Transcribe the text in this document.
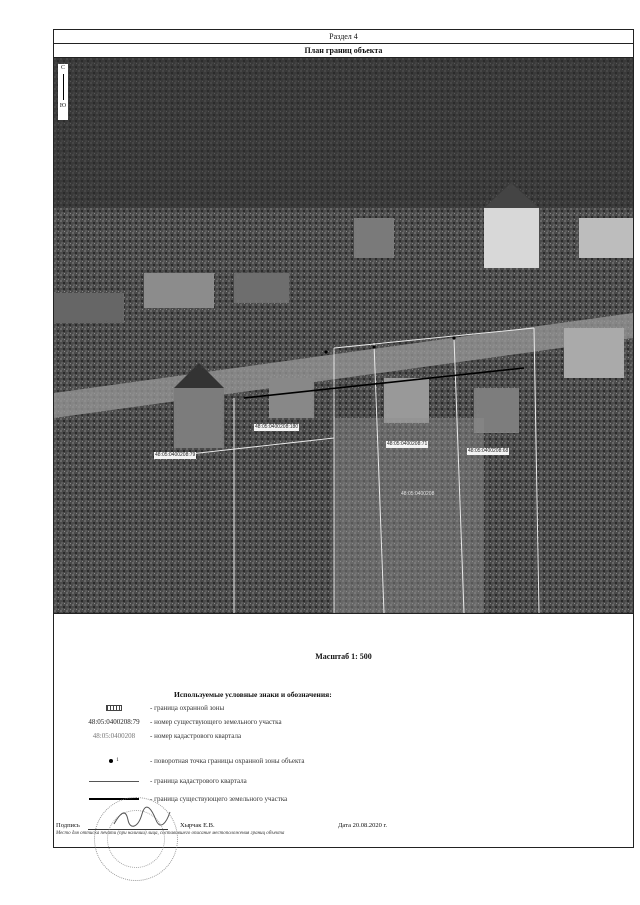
Раздел 4
План границ объекта
С
Ю
48:05:0400208:79
48:05:0400208:180
48:05:0400208:71
48:05:0400208:68
48:05:0400208
Масштаб 1: 500
Используемые условные знаки и обозначения:
- граница охранной зоны
48:05:0400208:79	- номер существующего земельного участка
48:05:0400208	- номер кадастрового квартала
1	- поворотная точка границы охранной зоны объекта
- граница кадастрового квартала
- граница существующего земельного участка
Подпись	Хырчак Е.В.	Дата 20.08.2020 г.
Место для оттиска печати (при наличии) лица, составившего описание местоположения границ объекта
